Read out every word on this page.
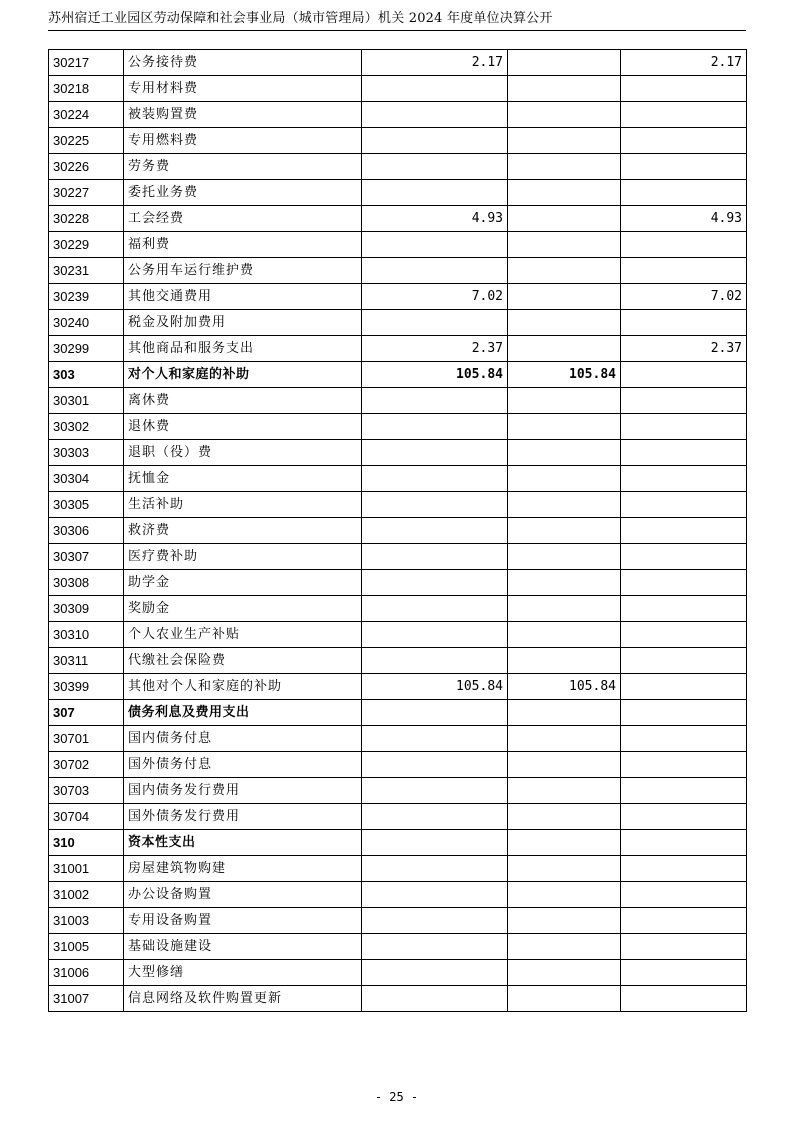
苏州宿迁工业园区劳动保障和社会事业局（城市管理局）机关 2024 年度单位决算公开
30217	公务接待费	2.17		2.17
30218	专用材料费			
30224	被装购置费			
30225	专用燃料费			
30226	劳务费			
30227	委托业务费			
30228	工会经费	4.93		4.93
30229	福利费			
30231	公务用车运行维护费			
30239	其他交通费用	7.02		7.02
30240	税金及附加费用			
30299	其他商品和服务支出	2.37		2.37
303	对个人和家庭的补助	105.84	105.84	
30301	离休费			
30302	退休费			
30303	退职（役）费			
30304	抚恤金			
30305	生活补助			
30306	救济费			
30307	医疗费补助			
30308	助学金			
30309	奖励金			
30310	个人农业生产补贴			
30311	代缴社会保险费			
30399	其他对个人和家庭的补助	105.84	105.84	
307	债务利息及费用支出			
30701	国内债务付息			
30702	国外债务付息			
30703	国内债务发行费用			
30704	国外债务发行费用			
310	资本性支出			
31001	房屋建筑物购建			
31002	办公设备购置			
31003	专用设备购置			
31005	基础设施建设			
31006	大型修缮			
31007	信息网络及软件购置更新			
- 25 -
